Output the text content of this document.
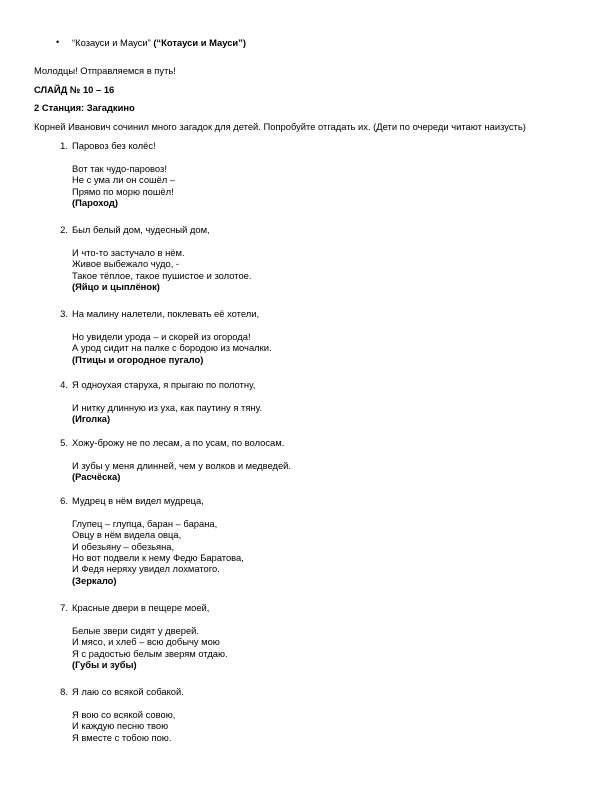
• “Козауси и Мауси” (“Котауси и Мауси”)
Молодцы! Отправляемся в путь!
СЛАЙД № 10 – 16
2 Станция: Загадкино
Корней Иванович сочинил много загадок для детей. Попробуйте отгадать их. (Дети по очереди читают наизусть)
1. Паровоз без колёс!
Вот так чудо-паровоз!
Не с ума ли он сошёл –
Прямо по морю пошёл!
(Пароход)
2. Был белый дом, чудесный дом,
И что-то застучало в нём.
Живое выбежало чудо, -
Такое тёплое, такое пушистое и золотое.
(Яйцо и цыплёнок)
3. На малину налетели, поклевать её хотели,
Но увидели урода – и скорей из огорода!
А урод сидит на палке с бородою из мочалки.
(Птицы и огородное пугало)
4. Я одноухая старуха, я прыгаю по полотну,
И нитку длинную из уха, как паутину я тяну.
(Иголка)
5. Хожу-брожу не по лесам, а по усам, по волосам.
И зубы у меня длинней, чем у волков и медведей.
(Расчёска)
6. Мудрец в нём видел мудреца,
Глупец – глупца, баран – барана,
Овцу в нём видела овца,
И обезьяну – обезьяна,
Но вот подвели к нему Федю Баратова,
И Федя неряху увидел лохматого.
(Зеркало)
7. Красные двери в пещере моей,
Белые звери сидят у дверей.
И мясо, и хлеб – всю добычу мою
Я с радостью белым зверям отдаю.
(Губы и зубы)
8. Я лаю со всякой собакой.
Я вою со всякой совою,
И каждую песню твою
Я вместе с тобою пою.
